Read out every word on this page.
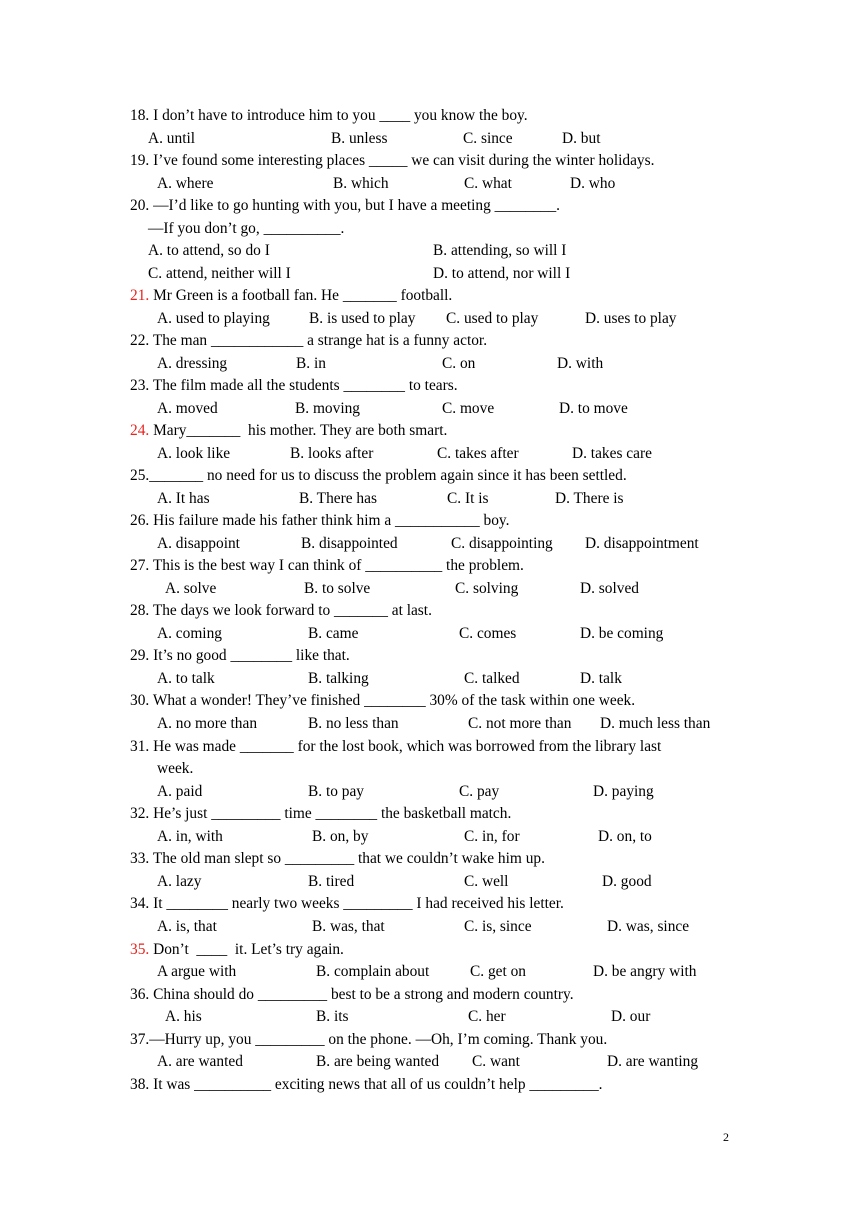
18. I don’t have to introduce him to you ____ you know the boy.
A. until	B. unless	C. since	D. but
19. I’ve found some interesting places _____ we can visit during the winter holidays.
A. where	B. which	C. what	D. who
20. —I’d like to go hunting with you, but I have a meeting ________.
—If you don’t go, __________.
A. to attend, so do I	B. attending, so will I
C. attend, neither will I	D. to attend, nor will I
21. Mr Green is a football fan. He _______ football.
A. used to playing	B. is used to play C. used to play	D. uses to play
22. The man ____________ a strange hat is a funny actor.
A. dressing	B. in	C. on	D. with
23. The film made all the students ________ to tears.
A. moved	B. moving	C. move	D. to move
24. Mary_______  his mother. They are both smart.
A. look like	B. looks after	C. takes after	D. takes care
25._______ no need for us to discuss the problem again since it has been settled.
A. It has	B. There has	C. It is	D. There is
26. His failure made his father think him a ___________ boy.
A. disappoint	B. disappointed	C. disappointing D. disappointment
27. This is the best way I can think of __________ the problem.
A. solve	B. to solve	C. solving	D. solved
28. The days we look forward to _______ at last.
A. coming	B. came	C. comes	D. be coming
29. It’s no good ________ like that.
A. to talk	B. talking	C. talked	D. talk
30. What a wonder! They’ve finished ________ 30% of the task within one week.
A. no more than	B. no less than	C. not more than D. much less than
31. He was made _______ for the lost book, which was borrowed from the library last
week.
A. paid	B. to pay	C. pay	D. paying
32. He’s just _________ time ________ the basketball match.
A. in, with	B. on, by	C. in, for	D. on, to
33. The old man slept so _________ that we couldn’t wake him up.
A. lazy	B. tired	C. well	D. good
34. It ________ nearly two weeks _________ I had received his letter.
A. is, that	B. was, that	C. is, since	D. was, since
35. Don’t  ____  it. Let’s try again.
A argue with	B. complain about	C. get on	D. be angry with
36. China should do _________ best to be a strong and modern country.
A. his	B. its	C. her	D. our
37.—Hurry up, you _________ on the phone. —Oh, I’m coming. Thank you.
A. are wanted	B. are being wanted C. want	D. are wanting
38. It was __________ exciting news that all of us couldn’t help _________.
2
